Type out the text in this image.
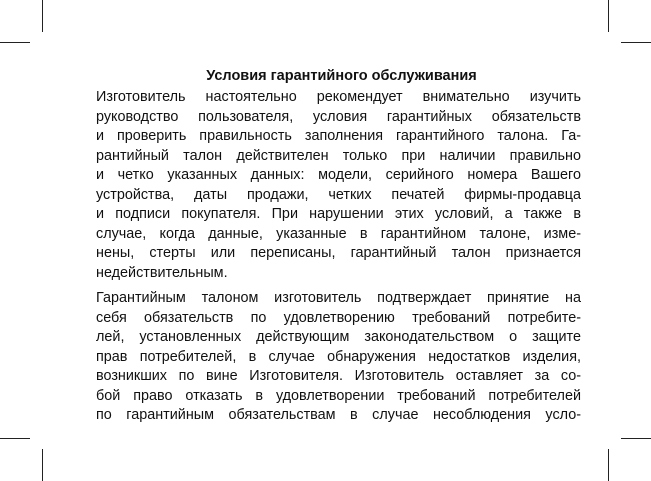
Условия гарантийного обслуживания
Изготовитель настоятельно рекомендует внимательно изучить
руководство пользователя, условия гарантийных обязательств
и проверить правильность заполнения гарантийного талона. Га-
рантийный талон действителен только при наличии правильно
и четко указанных данных: модели, серийного номера Вашего
устройства, даты продажи, четких печатей фирмы-продавца
и подписи покупателя. При нарушении этих условий, а также в
случае, когда данные, указанные в гарантийном талоне, изме-
нены, стерты или переписаны, гарантийный талон признается
недействительным.
Гарантийным талоном изготовитель подтверждает принятие на
себя обязательств по удовлетворению требований потребите-
лей, установленных действующим законодательством о защите
прав потребителей, в случае обнаружения недостатков изделия,
возникших по вине Изготовителя. Изготовитель оставляет за со-
бой право отказать в удовлетворении требований потребителей
по гарантийным обязательствам в случае несоблюдения усло-
